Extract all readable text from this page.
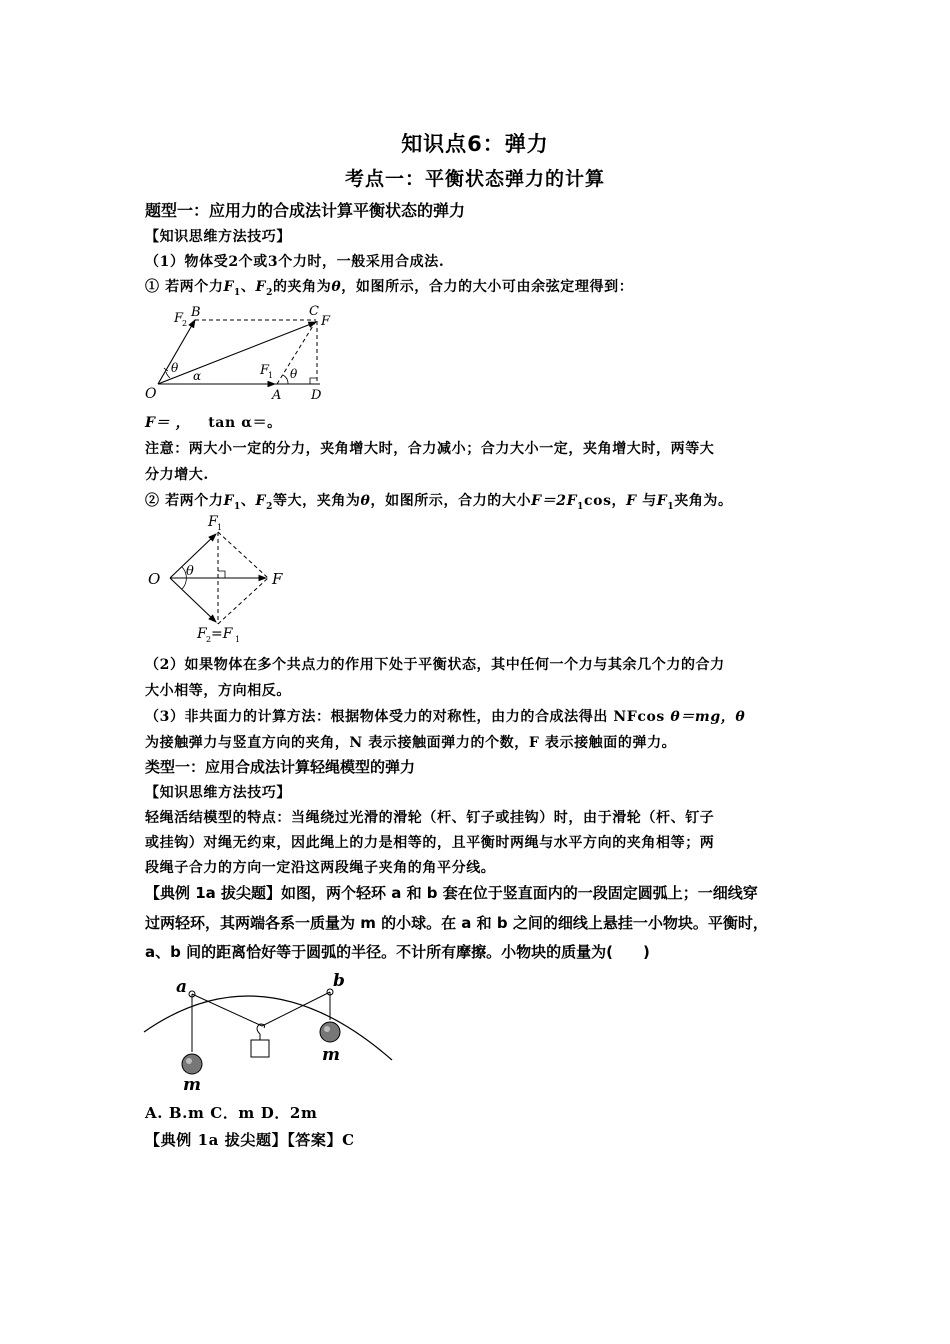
知识点6：弹力
考点一：平衡状态弹力的计算
题型一：应用力的合成法计算平衡状态的弹力
【知识思维方法技巧】
（1）物体受2个或3个力时，一般采用合成法.
① 若两个力$F_1$、$F_2$的夹角为θ，如图所示，合力的大小可由余弦定理得到：
F
2
B	C
F
θ
α
O
F
1 θ
A D
F＝ ， tan α＝。
注意：两大小一定的分力，夹角增大时，合力减小；合力大小一定，夹角增大时，两等大
分力增大.
② 若两个力$F_1$、$F_2$等大，夹角为θ，如图所示，合力的大小$F=2F_1\cos$，F 与$F_1$夹角为。
F 1
O θ	F
F 2 =F 1
（2）如果物体在多个共点力的作用下处于平衡状态，其中任何一个力与其余几个力的合力
大小相等，方向相反。
（3）非共面力的计算方法：根据物体受力的对称性，由力的合成法得出 NFcos θ＝mg，θ
为接触弹力与竖直方向的夹角，N 表示接触面弹力的个数，F 表示接触面的弹力。
类型一：应用合成法计算轻绳模型的弹力
【知识思维方法技巧】
轻绳活结模型的特点：当绳绕过光滑的滑轮（杆、钉子或挂钩）时，由于滑轮（杆、钉子
或挂钩）对绳无约束，因此绳上的力是相等的，且平衡时两绳与水平方向的夹角相等；两
段绳子合力的方向一定沿这两段绳子夹角的角平分线。
【典例 1a 拔尖题】如图，两个轻环 a 和 b 套在位于竖直面内的一段固定圆弧上；一细线穿
过两轻环，其两端各系一质量为 m 的小球。在 a 和 b 之间的细线上悬挂一小物块。平衡时，
a、b 间的距离恰好等于圆弧的半径。不计所有摩擦。小物块的质量为(　　)
a	b
m
m
A. B.m C．m D．2m
【典例 1a 拔尖题】【答案】C
